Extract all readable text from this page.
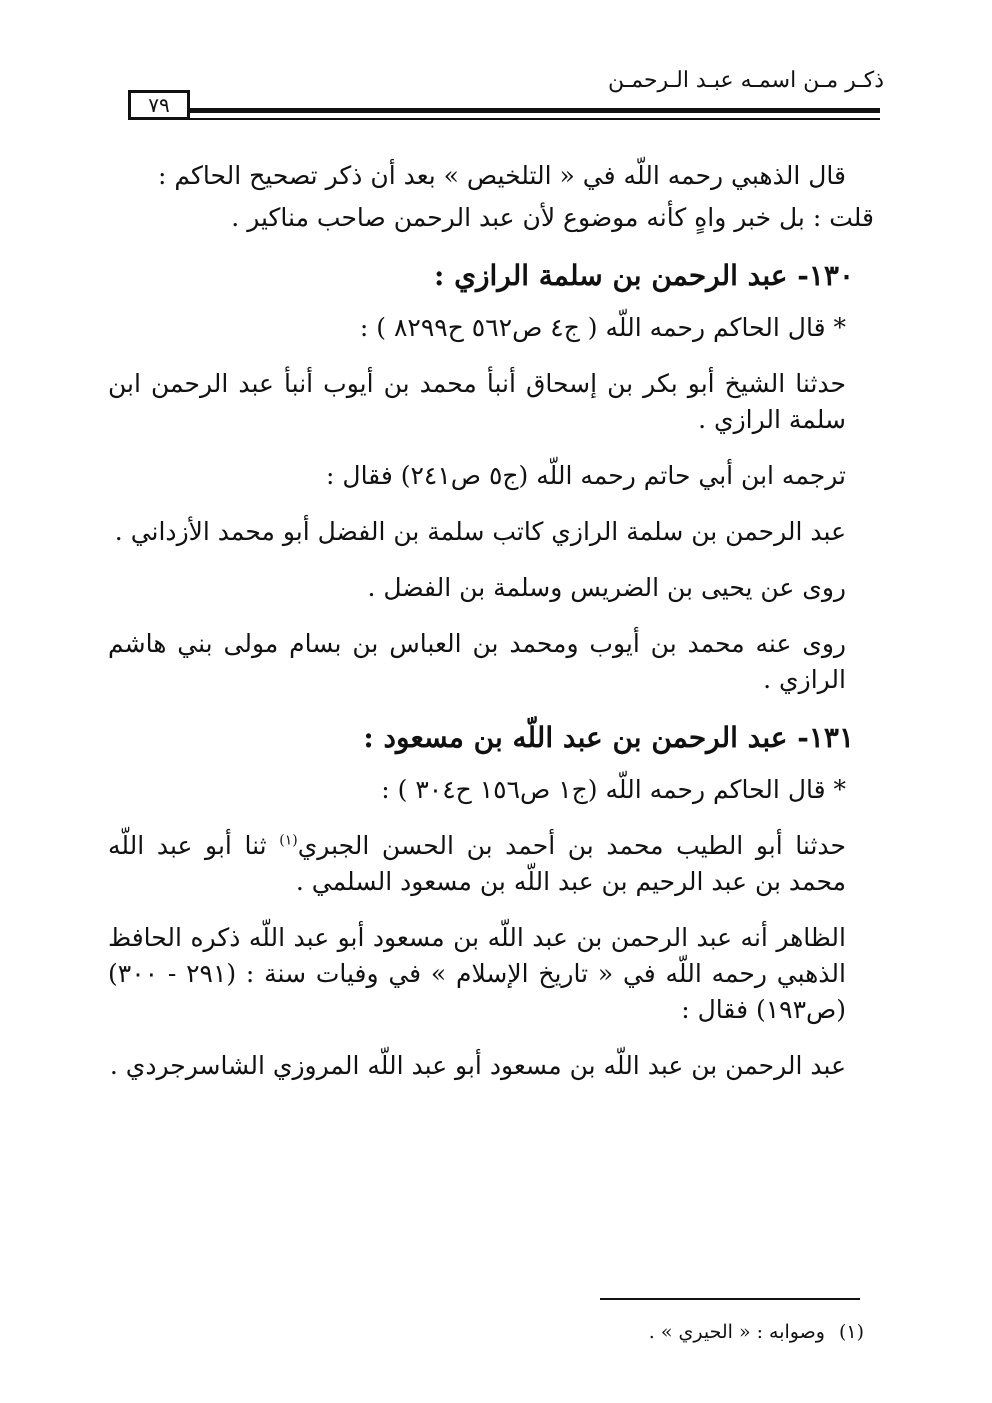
ذكـر مـن اسمـه عبـد الـرحمـن
٧٩

قال الذهبي رحمه اللّه في « التلخيص » بعد أن ذكر تصحيح الحاكم :

قلت : بل خبر واهٍ كأنه موضوع لأن عبد الرحمن صاحب مناكير .

١٣٠- عبد الرحمن بن سلمة الرازي :

* قال الحاكم رحمه اللّه ( ج٤ ص٥٦٢ ح٨٢٩٩ ) :

حدثنا الشيخ أبو بكر بن إسحاق أنبأ محمد بن أيوب أنبأ عبد الرحمن ابن سلمة الرازي .

ترجمه ابن أبي حاتم رحمه اللّه (ج٥ ص٢٤١) فقال :

عبد الرحمن بن سلمة الرازي كاتب سلمة بن الفضل أبو محمد الأزداني .

روى عن يحيى بن الضريس وسلمة بن الفضل .

روى عنه محمد بن أيوب ومحمد بن العباس بن بسام مولى بني هاشم الرازي .

١٣١- عبد الرحمن بن عبد اللّه بن مسعود :

* قال الحاكم رحمه اللّه (ج١ ص١٥٦ ح٣٠٤ ) :

حدثنا أبو الطيب محمد بن أحمد بن الحسن الجبري$^{(١)}$ ثنا أبو عبد اللّه محمد بن عبد الرحيم بن عبد اللّه بن مسعود السلمي .

الظاهر أنه عبد الرحمن بن عبد اللّه بن مسعود أبو عبد اللّه ذكره الحافظ الذهبي رحمه اللّه في « تاريخ الإسلام » في وفيات سنة : (٢٩١ - ٣٠٠) (ص١٩٣) فقال :

عبد الرحمن بن عبد اللّه بن مسعود أبو عبد اللّه المروزي الشاسرجردي .

(١)وصوابه : « الحيري » .
